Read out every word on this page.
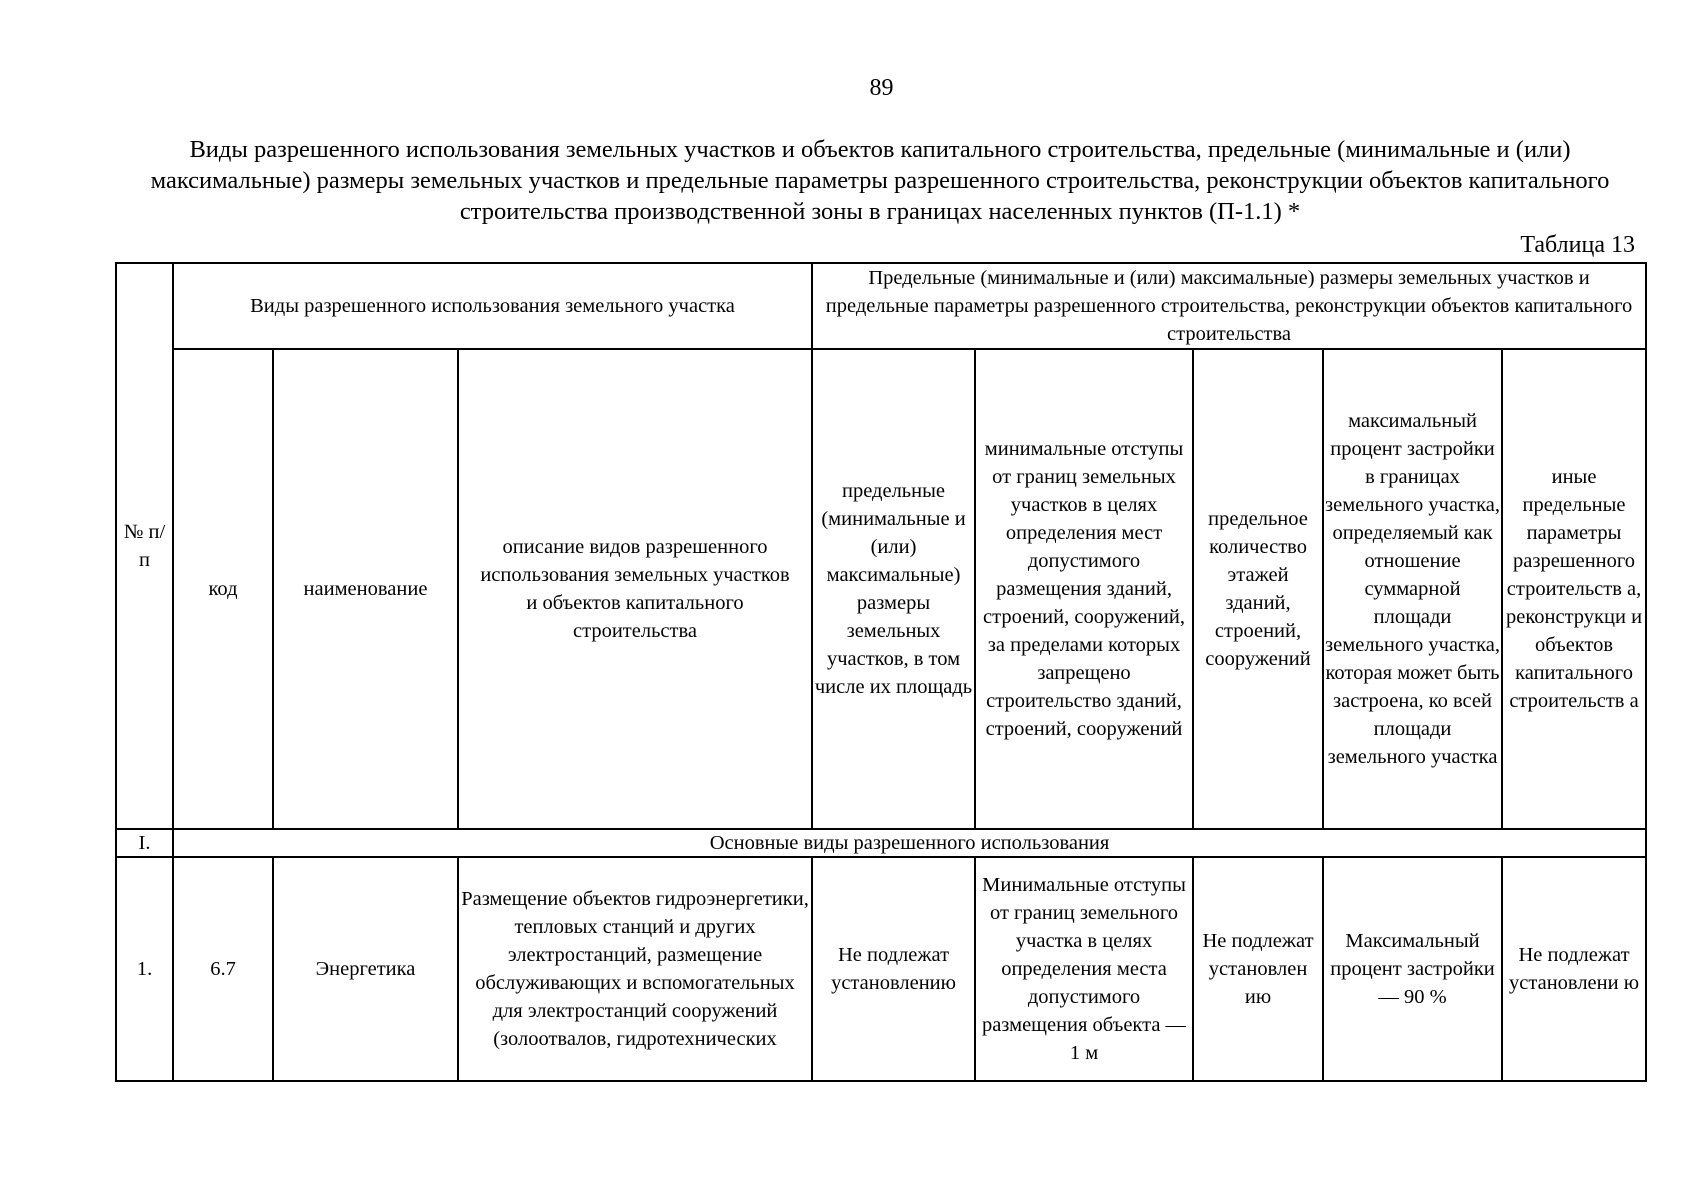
89
Виды разрешенного использования земельных участков и объектов капитального строительства, предельные (минимальные и (или) максимальные) размеры земельных участков и предельные параметры разрешенного строительства, реконструкции объектов капитального строительства производственной зоны в границах населенных пунктов (П-1.1) *
Таблица 13
№ п/п	Виды разрешенного использования земельного участка			Предельные (минимальные и (или) максимальные) размеры земельных участков и предельные параметры разрешенного строительства, реконструкции объектов капитального строительства				
	код	наименование	описание видов разрешенного использования земельных участков и объектов капитального строительства	предельные (минимальные и (или) максимальные) размеры земельных участков, в том числе их площадь	минимальные отступы от границ земельных участков в целях определения мест допустимого размещения зданий, строений, сооружений, за пределами которых запрещено строительство зданий, строений, сооружений	предельное количество этажей зданий, строений, сооружений	максимальный процент застройки в границах земельного участка, определяемый как отношение суммарной площади земельного участка, которая может быть застроена, ко всей площади земельного участка	иные предельные параметры разрешенного строительств а, реконструкци и объектов капитального строительств а
I.	Основные виды разрешенного использования							
1.	6.7	Энергетика	Размещение объектов гидроэнергетики, тепловых станций и других электростанций, размещение обслуживающих и вспомогательных для электростанций сооружений (золоотвалов, гидротехнических	Не подлежат установлению	Минимальные отступы от границ земельного участка в целях определения места допустимого размещения объекта — 1 м	Не подлежат установлен ию	Максимальный процент застройки — 90 %	Не подлежат установлени ю
